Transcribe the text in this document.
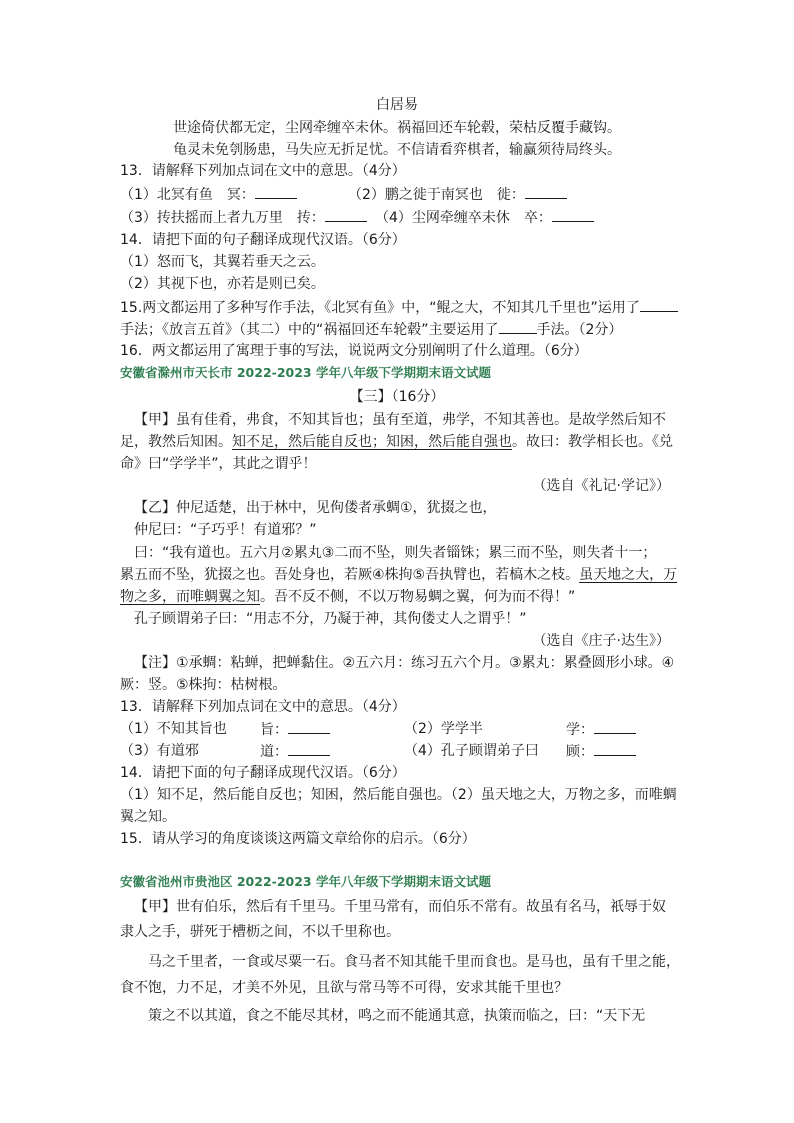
白居易
世途倚伏都无定，尘网牵缠卒未休。祸福回还车轮毂，荣枯反覆手藏钩。
龟灵未免刳肠患，马失应无折足忧。不信请看弈棋者，输赢须待局终头。
13．请解释下列加点词在文中的意思。（4分）
（1）北冥有鱼　冥：	（2）鹏之徙于南冥也　徙：
（3）抟扶摇而上者九万里　抟：	（4）尘网牵缠卒未休　卒：
14．请把下面的句子翻译成现代汉语。（6分）
（1）怒而飞，其翼若垂天之云。
（2）其视下也，亦若是则已矣。
15.两文都运用了多种写作手法，《北冥有鱼》中，“鲲之大，不知其几千里也”运用了
手法；《放言五首》（其二）中的“祸福回还车轮毂”主要运用了	手法。（2分）
16．两文都运用了寓理于事的写法，说说两文分别阐明了什么道理。（6分）
安徽省滁州市天长市 2022-2023 学年八年级下学期期末语文试题
【三】（16分）
【甲】虽有佳肴，弗食，不知其旨也；虽有至道，弗学，不知其善也。是故学然后知不
足，教然后知困。知不足，然后能自反也；知困，然后能自强也。故曰：教学相长也。《兑
命》曰“学学半”，其此之谓乎！
（选自《礼记·学记》）
【乙】仲尼适楚，出于林中，见佝偻者承蜩①，犹掇之也，
仲尼曰：“子巧乎！有道邪？”
曰：“我有道也。五六月②累丸③二而不坠，则失者锱铢；累三而不坠，则失者十一；
累五而不坠，犹掇之也。吾处身也，若厥④株拘⑤吾执臂也，若槁木之枝。虽天地之大，万
物之多，而唯蜩翼之知。吾不反不侧，不以万物易蜩之翼，何为而不得！”
孔子顾谓弟子曰：“用志不分，乃凝于神，其佝偻丈人之谓乎！”
（选自《庄子·达生》）
【注】①承蜩：粘蝉，把蝉黏住。②五六月：练习五六个月。③累丸：累叠圆形小球。④
厥：竖。⑤株拘：枯树根。
13．请解释下列加点词在文中的意思。（4分）
（1）不知其旨也 旨：	（2）学学半	学：
（3）有道邪	道：	（4）孔子顾谓弟子曰 顾：
14．请把下面的句子翻译成现代汉语。（6分）
（1）知不足，然后能自反也；知困，然后能自强也。（2）虽天地之大，万物之多，而唯蜩
翼之知。
15．请从学习的角度谈谈这两篇文章给你的启示。（6分）
安徽省池州市贵池区 2022-2023 学年八年级下学期期末语文试题
【甲】世有伯乐，然后有千里马。千里马常有，而伯乐不常有。故虽有名马，祇辱于奴
隶人之手，骈死于槽枥之间，不以千里称也。
马之千里者，一食或尽粟一石。食马者不知其能千里而食也。是马也，虽有千里之能，
食不饱，力不足，才美不外见，且欲与常马等不可得，安求其能千里也？
策之不以其道，食之不能尽其材，鸣之而不能通其意，执策而临之，曰：“天下无
